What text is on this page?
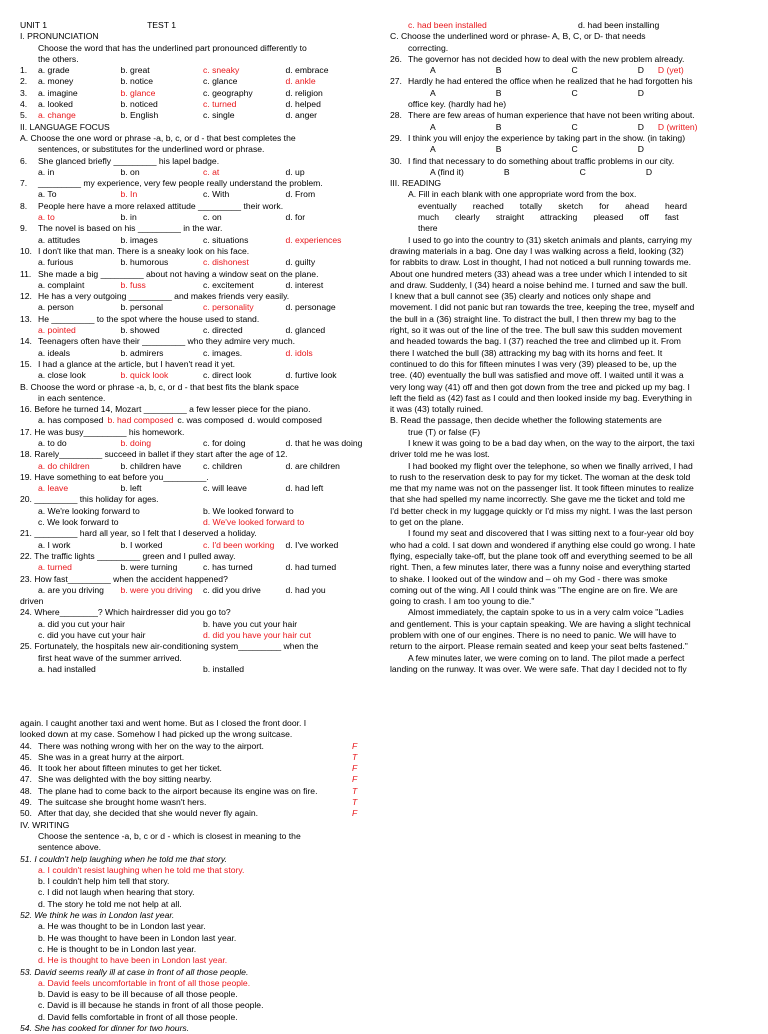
UNIT 1	TEST 1
I. PRONUNCIATION
Choose the word that has the underlined part pronounced differently to
the others.
1.	a. grade	b. great	c. sneaky	d. embrace
2.	a. money	b. notice	c. glance	d. ankle
3.	a. imagine	b. glance	c. geography	d. religion
4.	a. looked	b. noticed	c. turned	d. helped
5.	a. change	b. English	c. single	d. anger
II. LANGUAGE FOCUS
A. Choose the one word or phrase -a, b, c, or d - that best completes the
sentences, or substitutes for the underlined word or phrase.
6.	She glanced briefly _________ his lapel badge.
a. in	b. on	c. at	d. up
7.	_________ my experience, very few people really understand the problem.
a. To	b. In	c. With	d. From
8.	People here have a more relaxed attitude _________ their work.
a. to	b. in	c. on	d. for
9.	The novel is based on his _________ in the war.
a. attitudes	b. images	c. situations	d. experiences
10. I don't like that man. There is a sneaky look on his face.
a. furious	b. humorous	c. dishonest	d. guilty
11. She made a big _________ about not having a window seat on the plane.
a. complaint	b. fuss	c. excitement	d. interest
12. He has a very outgoing _________ and makes friends very easily.
a. person	b. personal	c. personality	d. personage
13. He _________ to the spot where the house used to stand.
a. pointed	b. showed	c. directed	d. glanced
14. Teenagers often have their _________ who they admire very much.
a. ideals	b. admirers	c. images.	d. idols
15. I had a glance at the article, but I haven't read it yet.
a. close look	b. quick look	c. direct look	d. furtive look
B. Choose the word or phrase -a, b, c, or d - that best fits the blank space
in each sentence.
16. Before he turned 14, Mozart _________ a few lesser piece for the piano.
a. has composed b. had composed c. was composed d. would composed
17. He was busy_________ his homework.
a. to do	b. doing	c. for doing	d. that he was doing
18. Rarely_________ succeed in ballet if they start after the age of 12.
a. do children	b. children have	c. children	d. are children
19. Have something to eat before you_________.
a. leave	b. left	c. will leave	d. had left
20. _________ this holiday for ages.
a. We're looking forward to	b. We looked forward to
c. We look forward to	d. We've looked forward to
21. _________ hard all year, so I felt that I deserved a holiday.
a. I work	b. I worked	c. I'd been working	d. I've worked
22. The traffic lights _________ green and I pulled away.
a. turned	b. were turning	c. has turned	d. had turned
23. How fast_________ when the accident happened?
a. are you driving	b. were you driving	c. did you drive	d. had you
driven
24. Where________? Which hairdresser did you go to?
a. did you cut your hair	b. have you cut your hair
c. did you have cut your hair	d. did you have your hair cut
25. Fortunately, the hospitals new air-conditioning system_________ when the
first heat wave of the summer arrived.
a. had installed	b. installed
c. had been installed	d. had been installing
C. Choose the underlined word or phrase- A, B, C, or D- that needs
correcting.
26. The governor has not decided how to deal with the new problem already.
A	B	C	D D (yet)
27. Hardly he had entered the office when he realized that he had forgotten his
A	B	C	D
office key. (hardly had he)
28. There are few areas of human experience that have not been writing about.
A	B	C	D D (written)
29. I think you will enjoy the experience by taking part in the show. (in taking)
A	B	C	D
30. I find that necessary to do something about traffic problems in our city.
A (find it)	B	C	D
III. READING
A. Fill in each blank with one appropriate word from the box.
eventually reached totally sketch for ahead heard
much clearly straight attracking pleased off fast
there
I used to go into the country to (31) sketch animals and plants, carrying my
drawing materials in a bag. One day I was walking across a field, looking (32)
for rabbits to draw. Lost in thought, I had not noticed a bull running towards me.
About one hundred meters (33) ahead was a tree under which I intended to sit
and draw. Suddenly, I (34) heard a noise behind me. I turned and saw the bull.
I knew that a bull cannot see (35) clearly and notices only shape and
movement. I did not panic but ran towards the tree, keeping the tree, myself and
the bull in a (36) straight line. To distract the bull, I then threw my bag to the
right, so it was out of the line of the tree. The bull saw this sudden movement
and headed towards the bag. I (37) reached the tree and climbed up it. From
there I watched the bull (38) attracking my bag with its horns and feet. It
continued to do this for fifteen minutes I was very (39) pleased to be, up the
tree. (40) eventually the bull was satisfied and move off. I waited until it was a
very long way (41) off and then got down from the tree and picked up my bag. I
left the field as (42) fast as I could and then looked inside my bag. Everything in
it was (43) totally ruined.
B. Read the passage, then decide whether the following statements are
true (T) or false (F)
I knew it was going to be a bad day when, on the way to the airport, the taxi
driver told me he was lost.
I had booked my flight over the telephone, so when we finally arrived, I had
to rush to the reservation desk to pay for my ticket. The woman at the desk told
me that my name was not on the passenger list. It took fifteen minutes to realize
that she had spelled my name incorrectly. She gave me the ticket and told me
I'd better check in my luggage quickly or I'd miss my night. I was the last person
to get on the plane.
I found my seat and discovered that I was sitting next to a four-year old boy
who had a cold. I sat down and wondered if anything else could go wrong. I hate
flying, especially take-off, but the plane took off and everything seemed to be all
right. Then, a few minutes later, there was a funny noise and everything started
to shake. I looked out of the window and – oh my God - there was smoke
coming out of the wing. All I could think was "The engine are on fire. We are
going to crash. I am too young to die."
Almost immediately, the captain spoke to us in a very calm voice "Ladies
and gentlement. This is your captain speaking. We are having a slight technical
problem with one of our engines. There is no need to panic. We will have to
return to the airport. Please remain seated and keep your seat belts fastened."
A few minutes later, we were coming on to land. The pilot made a perfect
landing on the runway. It was over. We were safe. That day I decided not to fly
again. I caught another taxi and went home. But as I closed the front door. I
looked down at my case. Somehow I had picked up the wrong suitcase.
44. There was nothing wrong with her on the way to the airport.	F
45. She was in a great hurry at the airport.	T
46. It took her about fifteen minutes to get her ticket.	F
47. She was delighted with the boy sitting nearby.	F
48. The plane had to come back to the airport because its engine was on fire.	T
49. The suitcase she brought home wasn't hers.	T
50. After that day, she decided that she would never fly again.	F
IV. WRITING
Choose the sentence -a, b, c or d - which is closest in meaning to the
sentence above.
51. I couldn't help laughing when he told me that story.
a. I couldn't resist laughing when he told me that story.
b. I couldn't help him tell that story.
c. I did not laugh when hearing that story.
d. The story he told me not help at all.
52. We think he was in London last year.
a. He was thought to be in London last year.
b. He was thought to have been in London last year.
c. He is thought to be in London last year.
d. He is thought to have been in London last year.
53. David seems really ill at case in front of all those people.
a. David feels uncomfortable in front of all those people.
b. David is easy to be ill because of all those people.
c. David is ill because he stands in front of all those people.
d. David fells comfortable in front of all those people.
54. She has cooked for dinner for two hours.
